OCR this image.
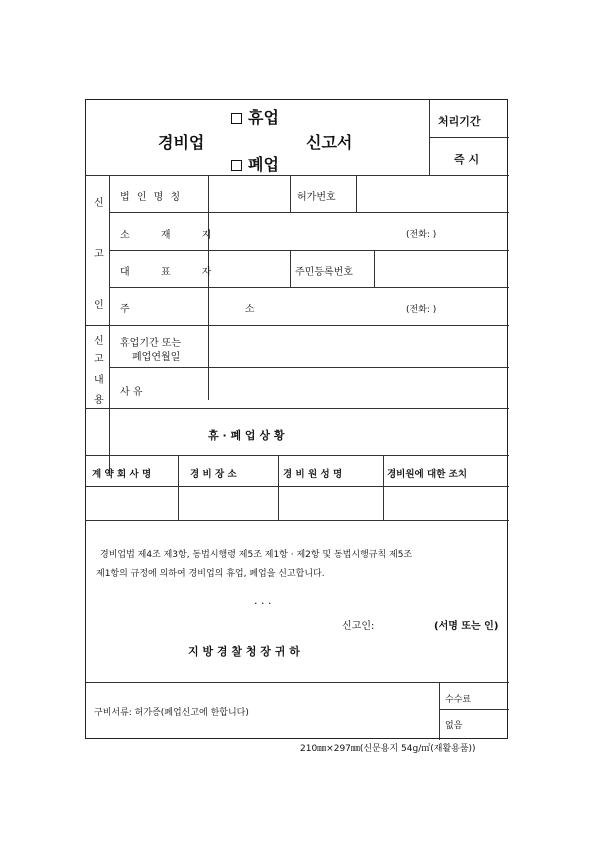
휴업
경비업	신고서
폐업
처리기간
즉 시
신
고
인
법 인 명 칭	허가번호
소 재 지	(전화: )
대 표 자	주민등록번호
주 소	(전화: )
신
고
내
용
휴업기간 또는
폐업연월일
사 유
휴 · 폐 업 상 황
계 약 회 사 명	경 비 장 소	경 비 원 성 명	경비원에 대한 조치
경비업법 제4조 제3항, 동법시행령 제5조 제1항 · 제2항 및 동법시행규칙 제5조
제1항의 규정에 의하여 경비업의 휴업, 폐업을 신고합니다.
. . .
신고인:	(서명 또는 인)
지 방 경 찰 청 장 귀 하
구비서류: 허가증(폐업신고에 한합니다)
수수료
없음
210㎜×297㎜(신문용지 54g/㎡(재활용품))
